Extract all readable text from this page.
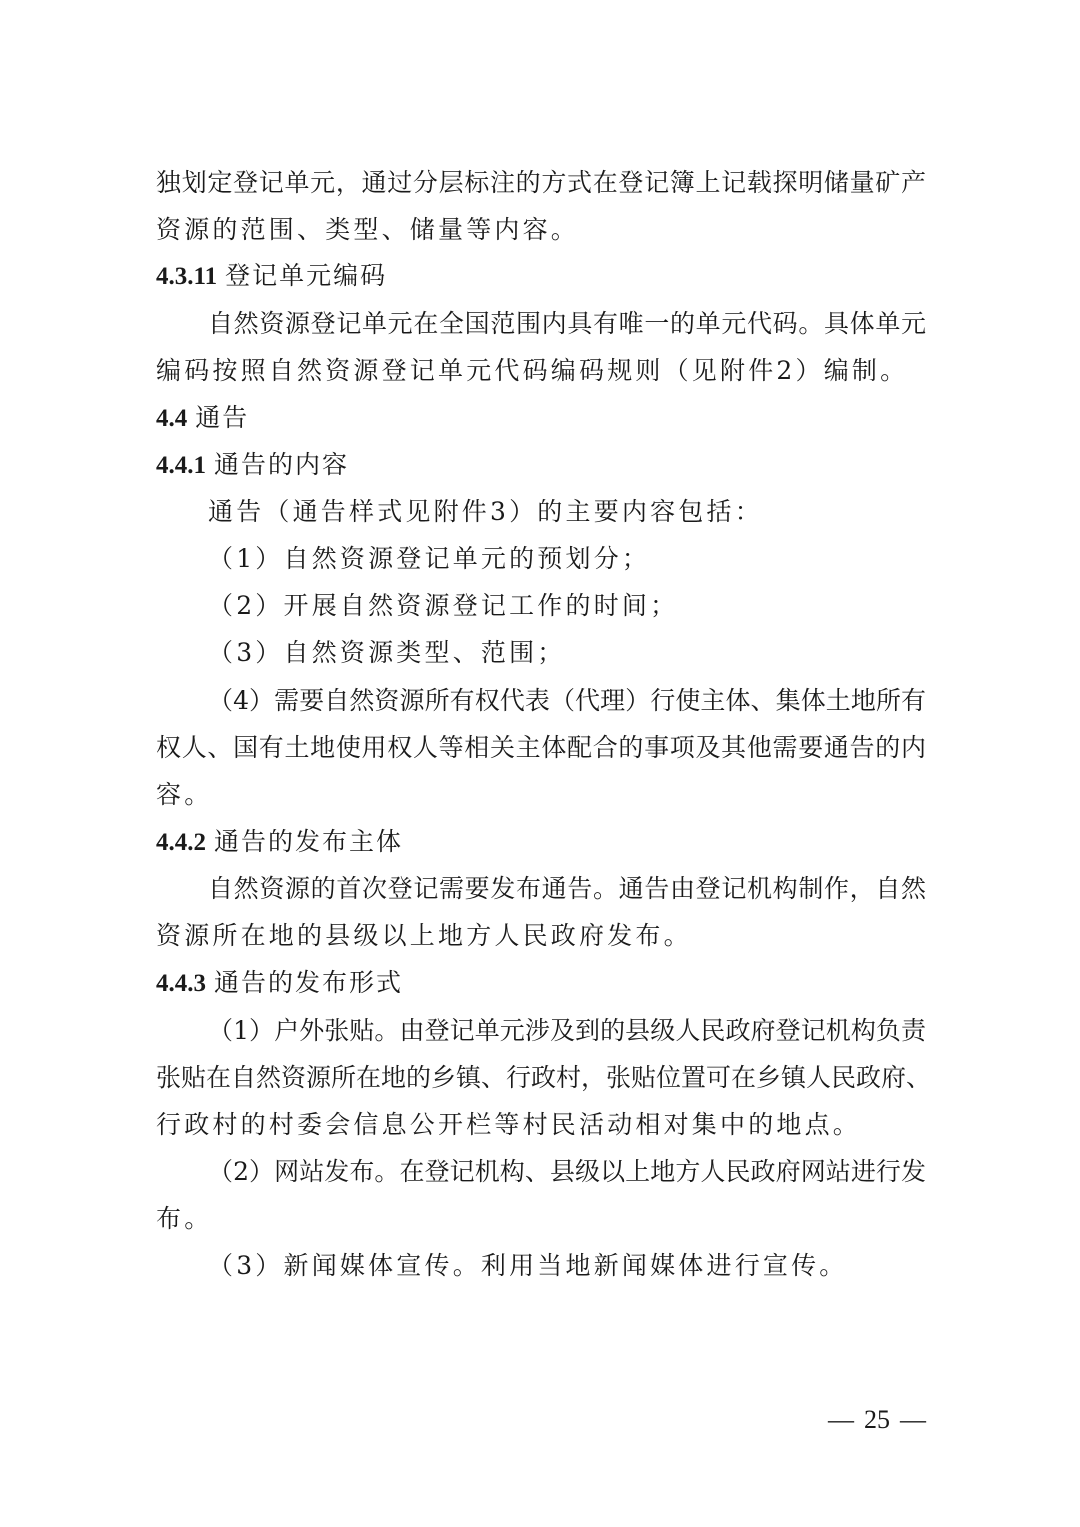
独划定登记单元，通过分层标注的方式在登记簿上记载探明储量矿产
资源的范围、类型、储量等内容。
4.3.11 登记单元编码
自然资源登记单元在全国范围内具有唯一的单元代码。具体单元
编码按照自然资源登记单元代码编码规则（见附件2）编制。
4.4 通告
4.4.1 通告的内容
通告（通告样式见附件3）的主要内容包括：
（1）自然资源登记单元的预划分；
（2）开展自然资源登记工作的时间；
（3）自然资源类型、范围；
（4）需要自然资源所有权代表（代理）行使主体、集体土地所有
权人、国有土地使用权人等相关主体配合的事项及其他需要通告的内
容。
4.4.2 通告的发布主体
自然资源的首次登记需要发布通告。通告由登记机构制作，自然
资源所在地的县级以上地方人民政府发布。
4.4.3 通告的发布形式
（1）户外张贴。由登记单元涉及到的县级人民政府登记机构负责
张贴在自然资源所在地的乡镇、行政村，张贴位置可在乡镇人民政府、
行政村的村委会信息公开栏等村民活动相对集中的地点。
（2）网站发布。在登记机构、县级以上地方人民政府网站进行发
布。
（3）新闻媒体宣传。利用当地新闻媒体进行宣传。
— 25 —
